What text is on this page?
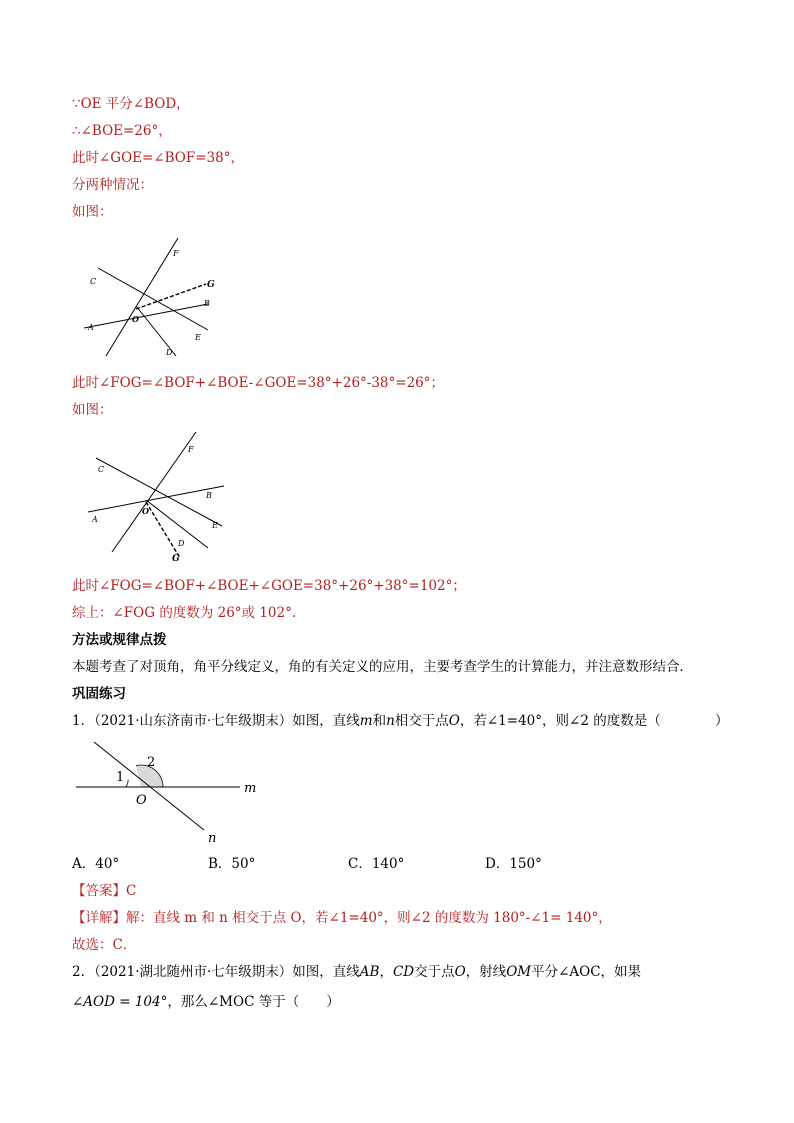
∵OE 平分∠BOD，
∴∠BOE=26°，
此时∠GOE=∠BOF=38°，
分两种情况：
如图：
C
F
G
B
A
O
E
D
此时∠FOG=∠BOF+∠BOE-∠GOE=38°+26°-38°=26°；
如图：
C
F
B
A
O
E
D
G
此时∠FOG=∠BOF+∠BOE+∠GOE=38°+26°+38°=102°；
综上：∠FOG 的度数为 26°或 102°.
方法或规律点拨
本题考查了对顶角，角平分线定义，角的有关定义的应用，主要考查学生的计算能力，并注意数形结合．
巩固练习
1．（2021·山东济南市·七年级期末）如图，直线m和n相交于点O，若∠1=40°，则∠2 的度数是（	）
1
2
O
m
n
A．40°	B．50°	C．140°	D．150°
【答案】C
【详解】解：直线 m 和 n 相交于点 O，若∠1=40°，则∠2 的度数为 180°-∠1= 140°，
故选：C．
2．（2021·湖北随州市·七年级期末）如图，直线AB，CD交于点O，射线OM平分∠AOC，如果
∠AOD = 104°，那么∠MOC 等于（　　）
